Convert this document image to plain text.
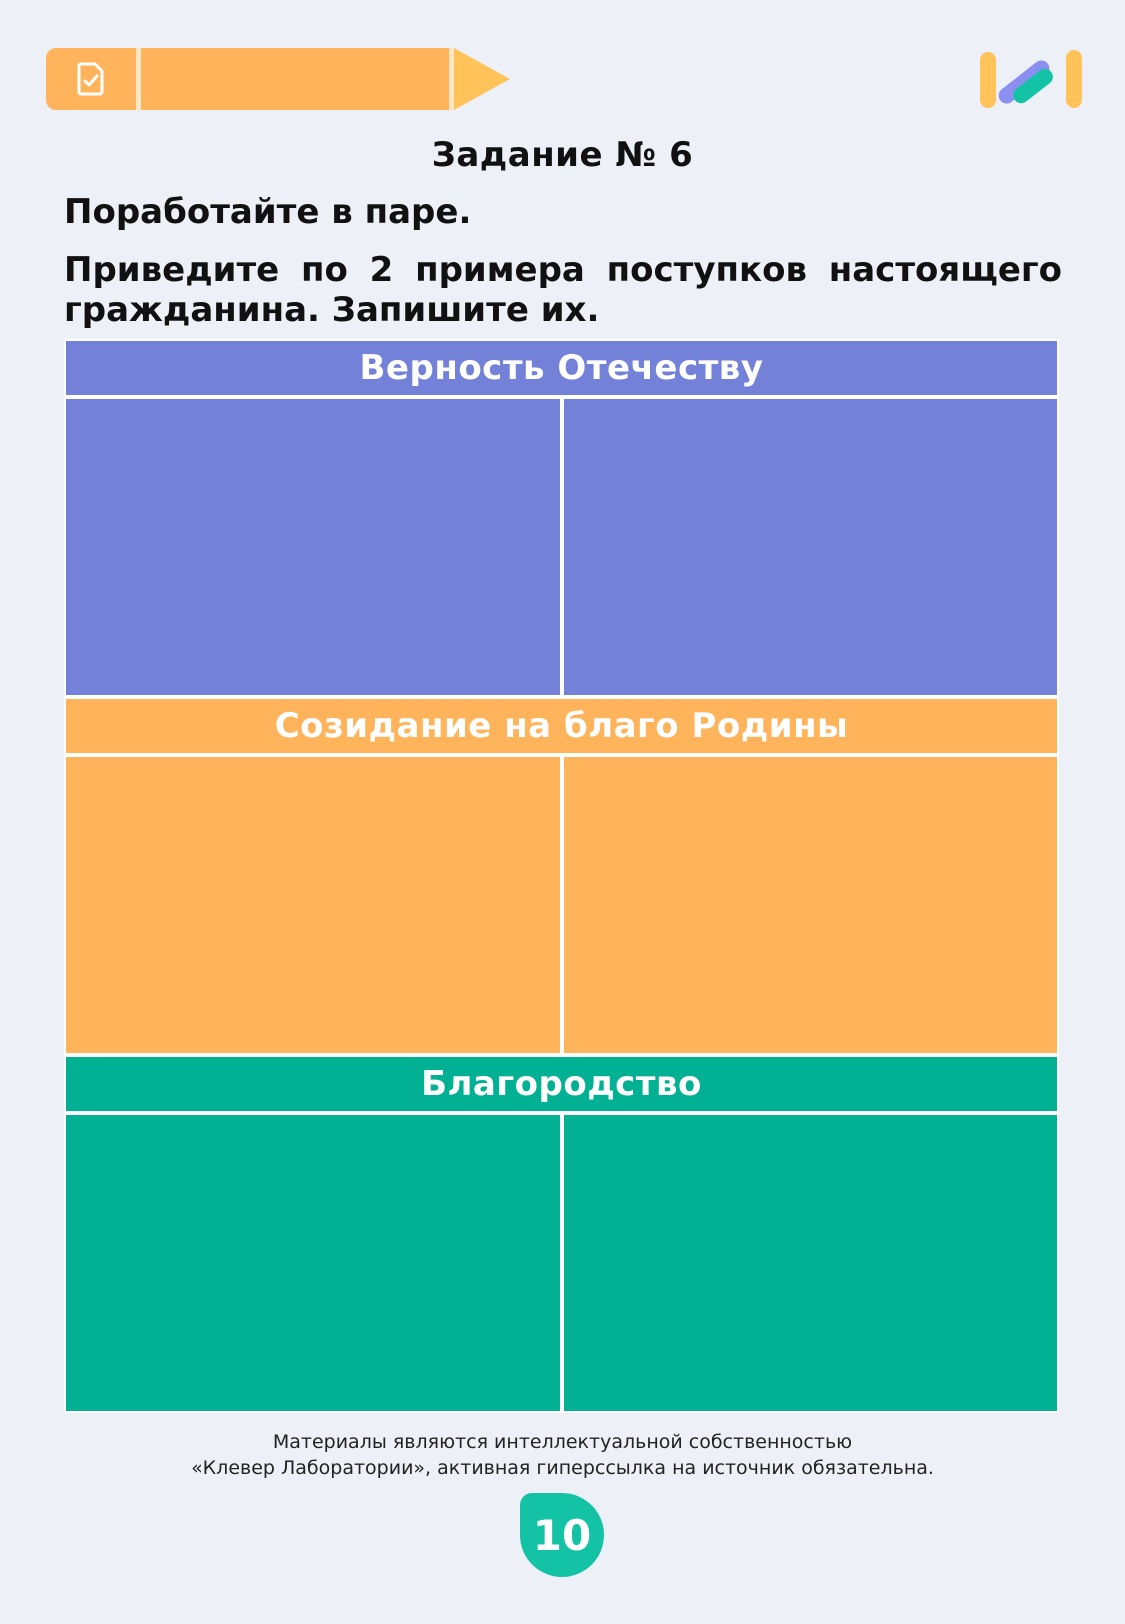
Задание № 6
Поработайте в паре.
Приведите по 2 примера поступков настоящего гражданина. Запишите их.
Верность Отечеству
Созидание на благо Родины
Благородство
Материалы являются интеллектуальной собственностью
«Клевер Лаборатории», активная гиперссылка на источник обязательна.
10
